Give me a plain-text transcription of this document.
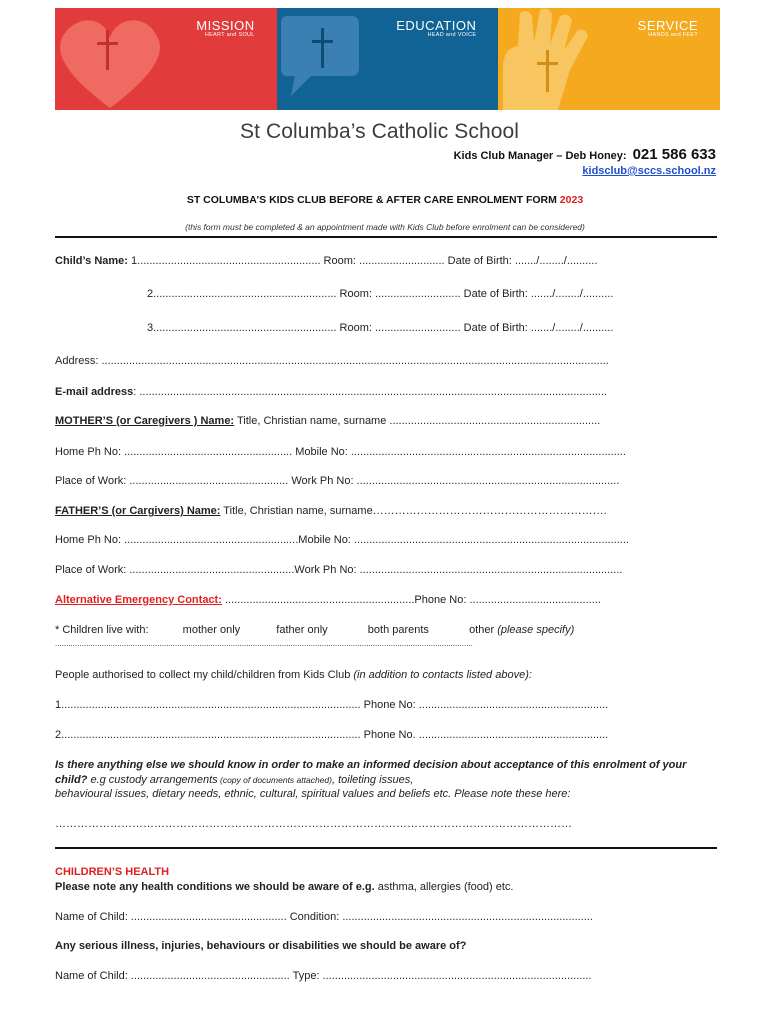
MISSION
HEART and SOUL
EDUCATION
HEAD and VOICE
SERVICE
HANDS and FEET
St Columba’s Catholic School
Kids Club Manager – Deb Honey: 021 586 633
kidsclub@sccs.school.nz
ST COLUMBA’S KIDS CLUB BEFORE & AFTER CARE ENROLMENT FORM 2023
(this form must be completed & an appointment made with Kids Club before enrolment can be considered)
Child’s Name: 1............................................................ Room: ............................ Date of Birth: ......./......../..........
2............................................................ Room: ............................ Date of Birth: ......./......../..........
3............................................................ Room: ............................ Date of Birth: ......./......../..........
Address: ......................................................................................................................................................................
E-mail address: .........................................................................................................................................................
MOTHER’S (or Caregivers ) Name: Title, Christian name, surname .....................................................................
Home Ph No: ....................................................... Mobile No: ..........................................................................................
Place of Work: .................................................... Work Ph No: ......................................................................................
FATHER’S (or Cargivers) Name: Title, Christian name, surname……………………………………………………….
Home Ph No: .........................................................Mobile No: ..........................................................................................
Place of Work: ......................................................Work Ph No: ......................................................................................
Alternative Emergency Contact: ..............................................................Phone No: ...........................................
* Children live with:	mother only	father only	both parents	other (please specify)
............................................................................................................................................................................................
People authorised to collect my child/children from Kids Club (in addition to contacts listed above):
1.................................................................................................. Phone No: ..............................................................
2.................................................................................................. Phone No. ..............................................................
Is there anything else we should know in order to make an informed decision about acceptance of this enrolment of your child? e.g custody arrangements (copy of documents attached), toileting issues,
behavioural issues, dietary needs, ethnic, cultural, spiritual values and beliefs etc. Please note these here:
……………………………………………………………………………………………………………………………
CHILDREN’S HEALTH
Please note any health conditions we should be aware of e.g. asthma, allergies (food) etc.
Name of Child: ................................................... Condition: ..................................................................................
Any serious illness, injuries, behaviours or disabilities we should be aware of?
Name of Child: .................................................... Type: ........................................................................................
